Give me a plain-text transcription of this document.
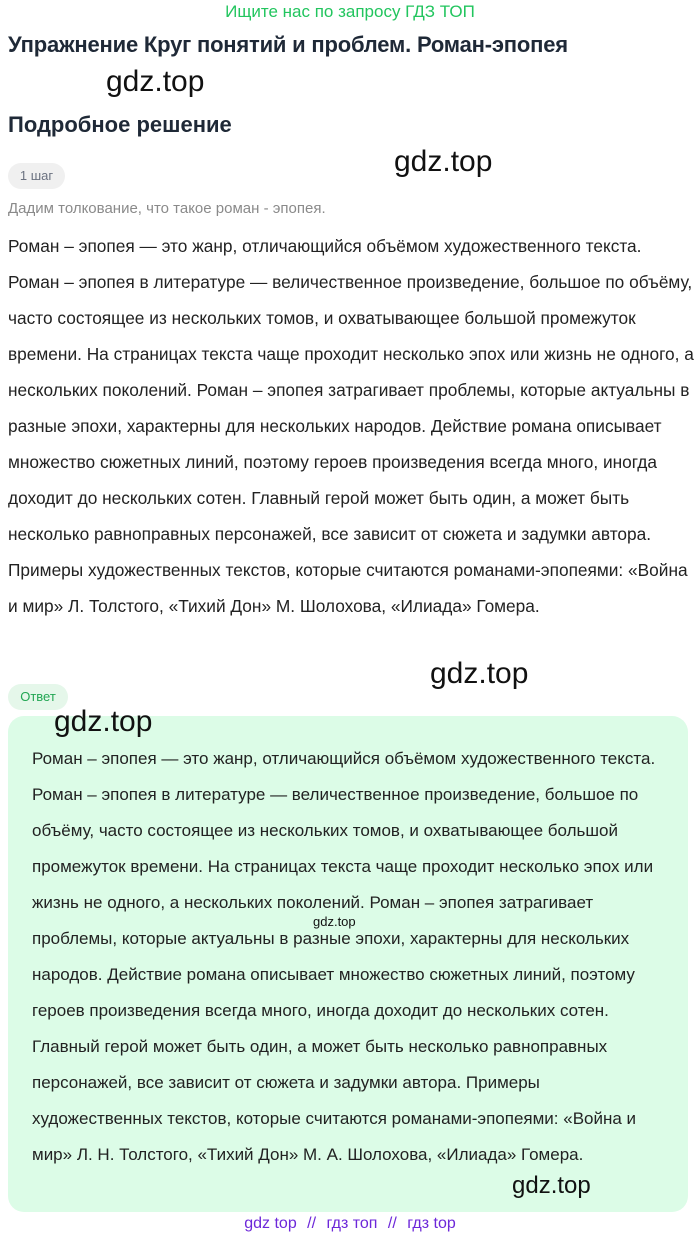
Ищите нас по запросу ГДЗ ТОП
Упражнение Круг понятий и проблем. Роман-эпопея
gdz.top
Подробное решение
gdz.top
1 шаг
Дадим толкование, что такое роман - эпопея.

Роман – эпопея — это жанр, отличающийся объёмом художественного текста. Роман – эпопея в литературе — величественное произведение, большое по объёму, часто состоящее из нескольких томов, и охватывающее большой промежуток времени. На страницах текста чаще проходит несколько эпох или жизнь не одного, а нескольких поколений. Роман – эпопея затрагивает проблемы, которые актуальны в разные эпохи, характерны для нескольких народов. Действие романа описывает множество сюжетных линий, поэтому героев произведения всегда много, иногда доходит до нескольких сотен. Главный герой может быть один, а может быть несколько равноправных персонажей, все зависит от сюжета и задумки автора. Примеры художественных текстов, которые считаются романами-эпопеями: «Война и мир» Л. Толстого, «Тихий Дон» М. Шолохова, «Илиада» Гомера.

gdz.top
Ответ
gdz.top

Роман – эпопея — это жанр, отличающийся объёмом художественного текста. Роман – эпопея в литературе — величественное произведение, большое по объёму, часто состоящее из нескольких томов, и охватывающее большой промежуток времени. На страницах текста чаще проходит несколько эпох или жизнь не одного, а нескольких поколений. Роман – эпопея затрагивает проблемы, которые актуальны в разные эпохи, характерны для нескольких народов. Действие романа описывает множество сюжетных линий, поэтому героев произведения всегда много, иногда доходит до нескольких сотен. Главный герой может быть один, а может быть несколько равноправных персонажей, все зависит от сюжета и задумки автора. Примеры художественных текстов, которые считаются романами-эпопеями: «Война и мир» Л. Н. Толстого, «Тихий Дон» М. А. Шолохова, «Илиада» Гомера.

gdz.top
gdz.top
gdz top // гдз топ // гдз top
